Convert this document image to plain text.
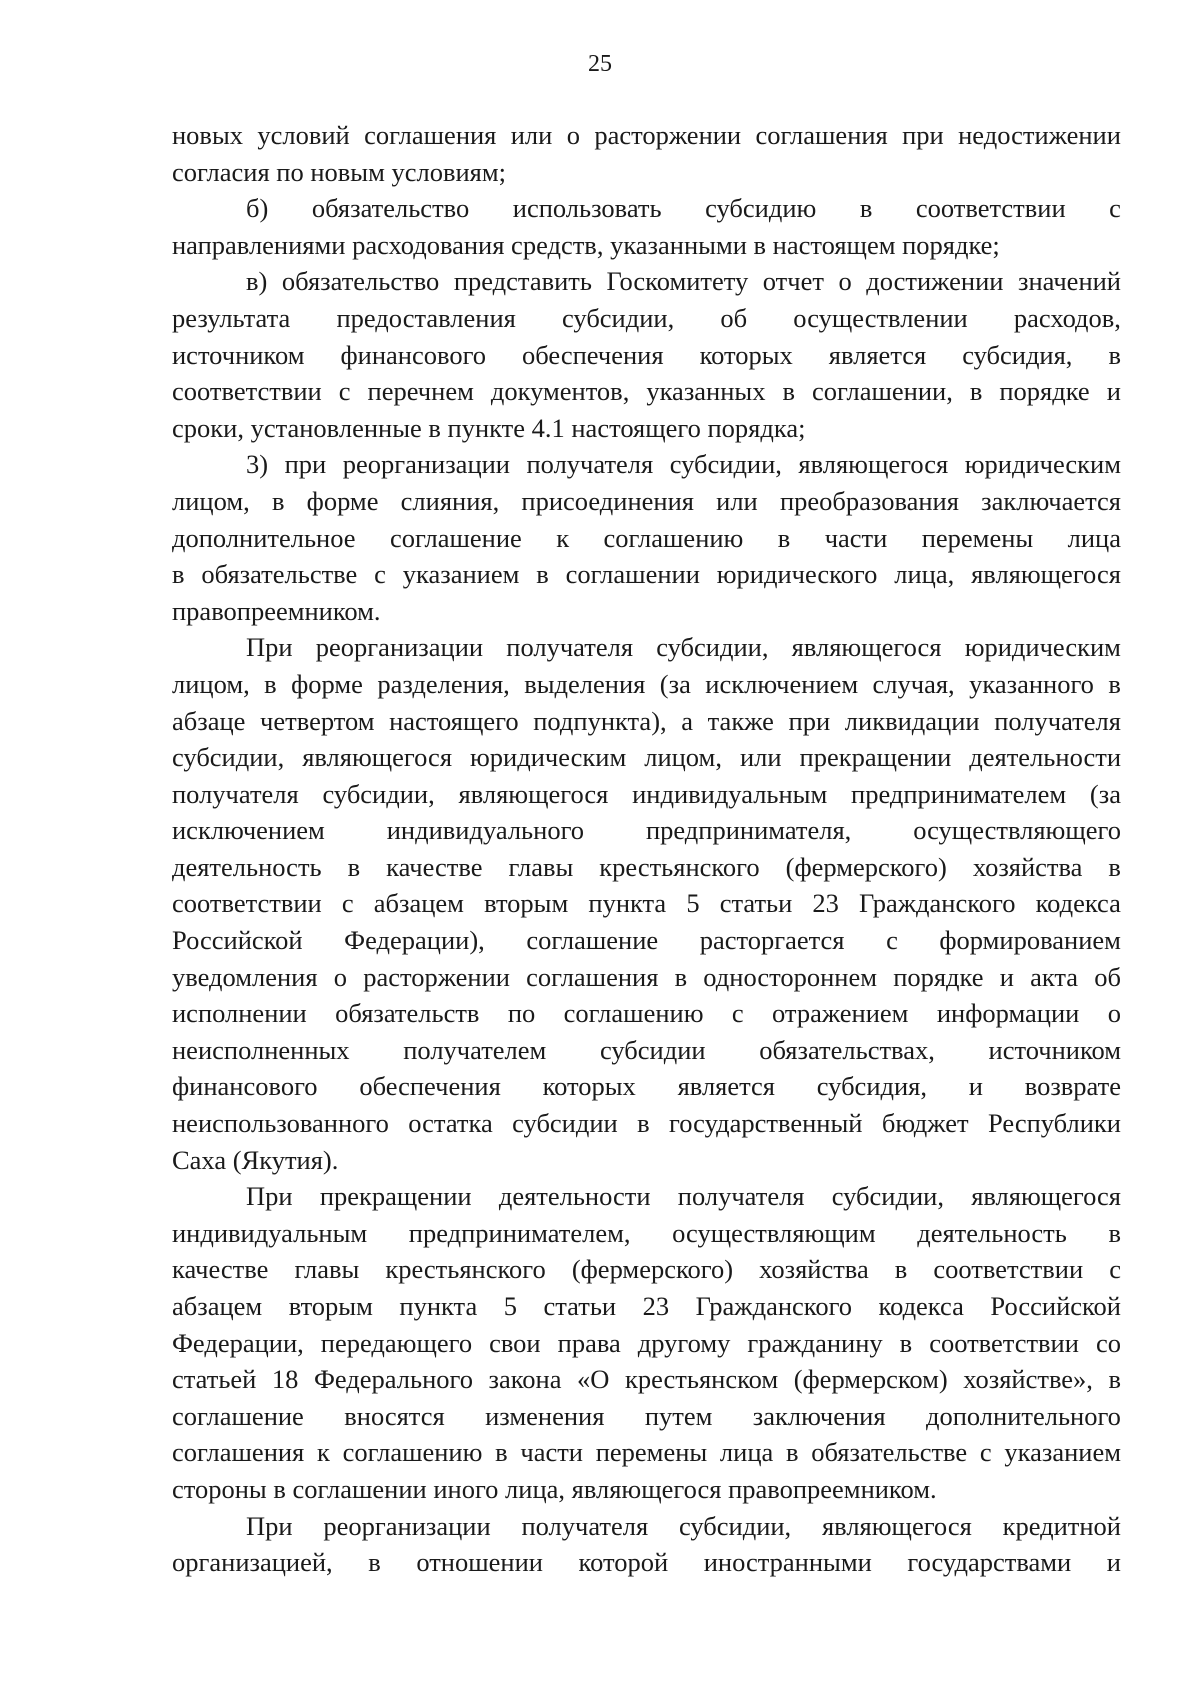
25

новых условий соглашения или о расторжении соглашения при недостижении
согласия по новым условиям;

б) обязательство использовать субсидию в соответствии с
направлениями расходования средств, указанными в настоящем порядке;

в) обязательство представить Госкомитету отчет о достижении значений
результата предоставления субсидии, об осуществлении расходов,
источником финансового обеспечения которых является субсидия, в
соответствии с перечнем документов, указанных в соглашении, в порядке и
сроки, установленные в пункте 4.1 настоящего порядка;

3) при реорганизации получателя субсидии, являющегося юридическим
лицом, в форме слияния, присоединения или преобразования заключается
дополнительное соглашение к соглашению в части перемены лица
в обязательстве с указанием в соглашении юридического лица, являющегося
правопреемником.

При реорганизации получателя субсидии, являющегося юридическим
лицом, в форме разделения, выделения (за исключением случая, указанного в
абзаце четвертом настоящего подпункта), а также при ликвидации получателя
субсидии, являющегося юридическим лицом, или прекращении деятельности
получателя субсидии, являющегося индивидуальным предпринимателем (за
исключением индивидуального предпринимателя, осуществляющего
деятельность в качестве главы крестьянского (фермерского) хозяйства в
соответствии с абзацем вторым пункта 5 статьи 23 Гражданского кодекса
Российской Федерации), соглашение расторгается с формированием
уведомления о расторжении соглашения в одностороннем порядке и акта об
исполнении обязательств по соглашению с отражением информации о
неисполненных получателем субсидии обязательствах, источником
финансового обеспечения которых является субсидия, и возврате
неиспользованного остатка субсидии в государственный бюджет Республики
Саха (Якутия).

При прекращении деятельности получателя субсидии, являющегося
индивидуальным предпринимателем, осуществляющим деятельность в
качестве главы крестьянского (фермерского) хозяйства в соответствии с
абзацем вторым пункта 5 статьи 23 Гражданского кодекса Российской
Федерации, передающего свои права другому гражданину в соответствии со
статьей 18 Федерального закона «О крестьянском (фермерском) хозяйстве», в
соглашение вносятся изменения путем заключения дополнительного
соглашения к соглашению в части перемены лица в обязательстве с указанием
стороны в соглашении иного лица, являющегося правопреемником.

При реорганизации получателя субсидии, являющегося кредитной
организацией, в отношении которой иностранными государствами и
